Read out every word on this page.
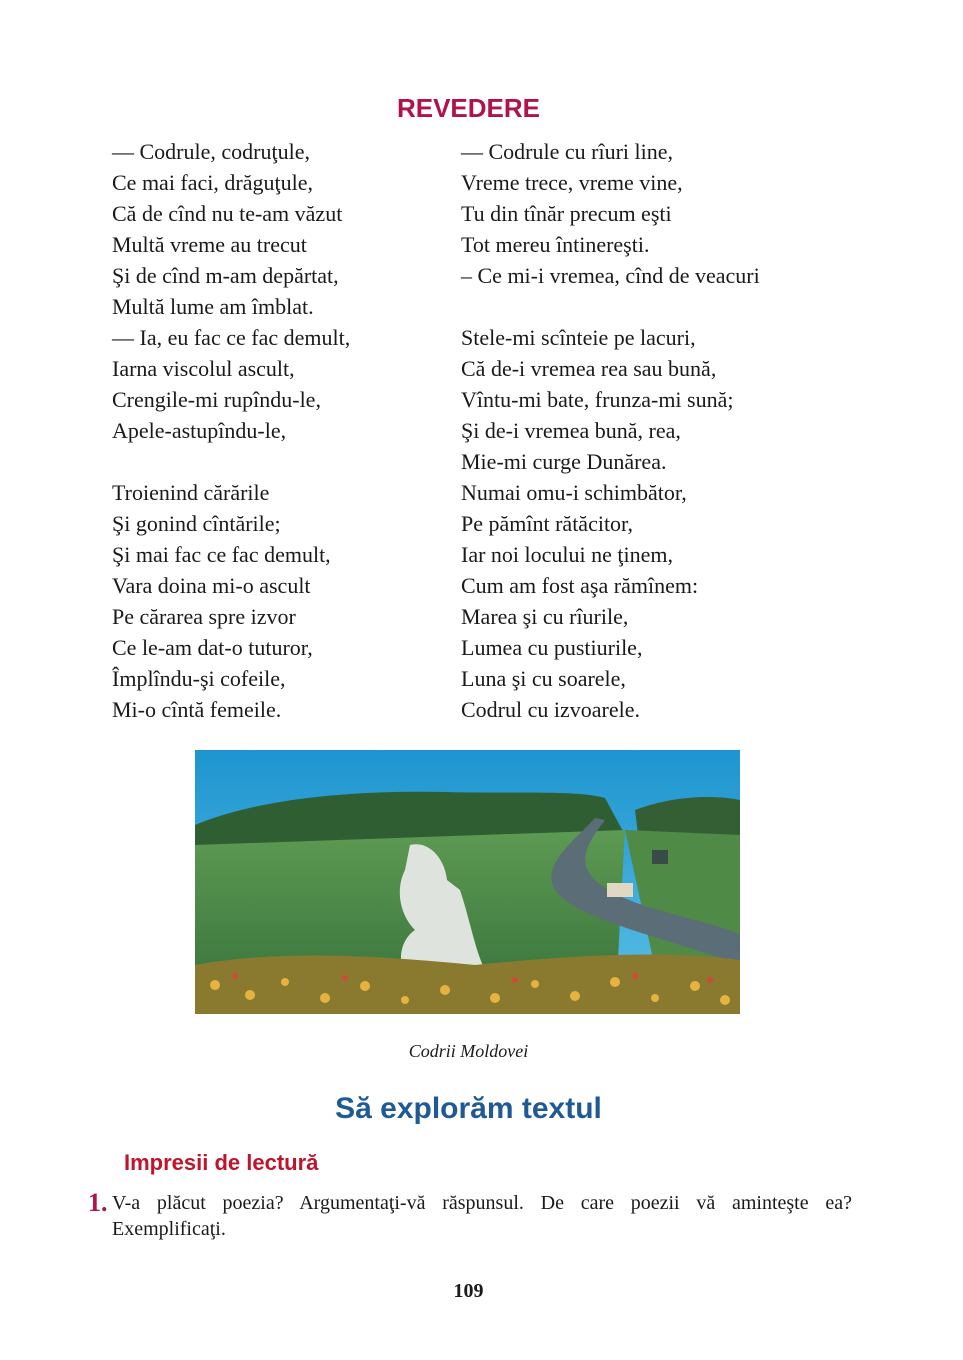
REVEDERE
— Codrule, codruţule,
Ce mai faci, drăguţule,
Că de cînd nu te-am văzut
Multă vreme au trecut
Şi de cînd m-am depărtat,
Multă lume am îmblat.
— Ia, eu fac ce fac demult,
Iarna viscolul ascult,
Crengile-mi rupîndu-le,
Apele-astupîndu-le,
Troienind cărările
Şi gonind cîntările;
Şi mai fac ce fac demult,
Vara doina mi-o ascult
Pe cărarea spre izvor
Ce le-am dat-o tuturor,
Împlîndu-şi cofeile,
Mi-o cîntă femeile.
— Codrule cu rîuri line,
Vreme trece, vreme vine,
Tu din tînăr precum eşti
Tot mereu întinereşti.
– Ce mi-i vremea, cînd de veacuri
Stele-mi scînteie pe lacuri,
Că de-i vremea rea sau bună,
Vîntu-mi bate, frunza-mi sună;
Şi de-i vremea bună, rea,
Mie-mi curge Dunărea.
Numai omu-i schimbător,
Pe pămînt rătăcitor,
Iar noi locului ne ţinem,
Cum am fost aşa rămînem:
Marea şi cu rîurile,
Lumea cu pustiurile,
Luna şi cu soarele,
Codrul cu izvoarele.
Codrii Moldovei
Să explorăm textul
Impresii de lectură
1. V-a plăcut poezia? Argumentaţi-vă răspunsul. De care poezii vă aminteşte ea? Exemplificaţi.
109
